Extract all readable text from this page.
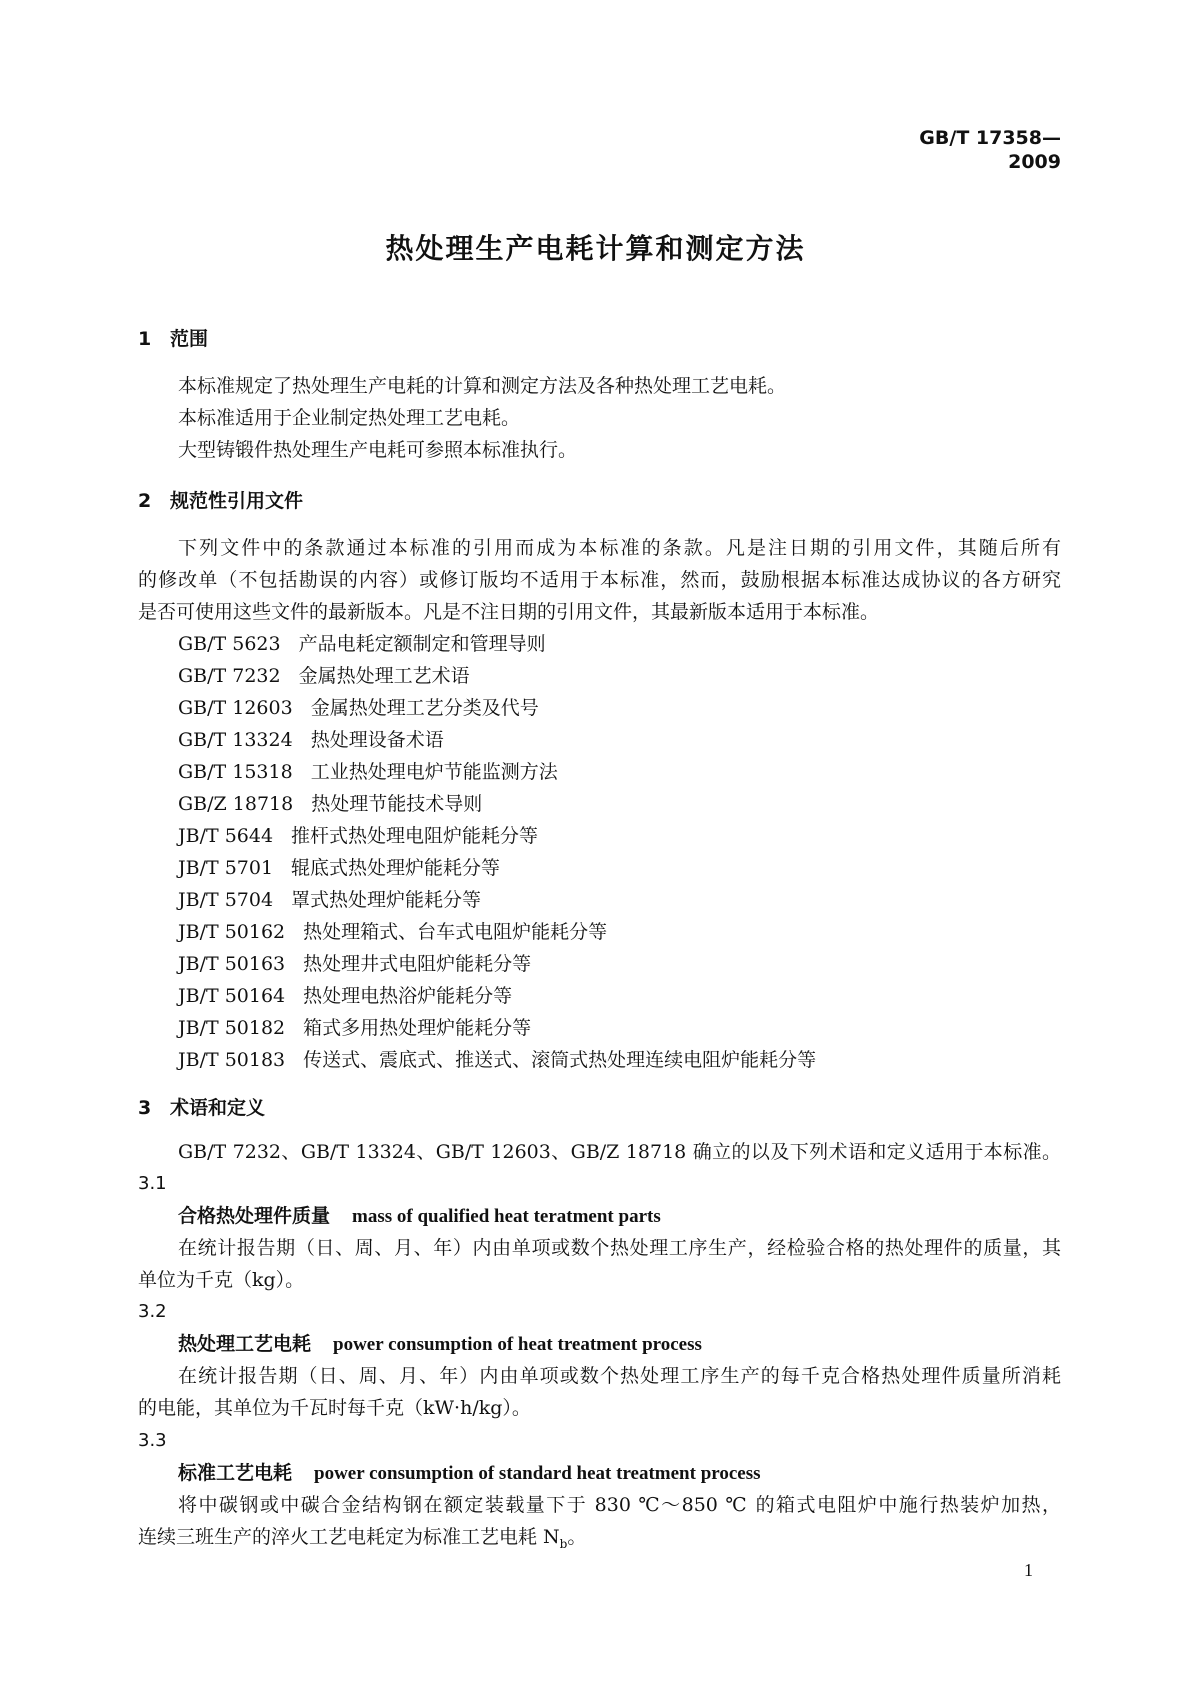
GB/T 17358—2009
热处理生产电耗计算和测定方法
1 范围
本标准规定了热处理生产电耗的计算和测定方法及各种热处理工艺电耗。
本标准适用于企业制定热处理工艺电耗。
大型铸锻件热处理生产电耗可参照本标准执行。
2 规范性引用文件
下列文件中的条款通过本标准的引用而成为本标准的条款。凡是注日期的引用文件，其随后所有
的修改单（不包括勘误的内容）或修订版均不适用于本标准，然而，鼓励根据本标准达成协议的各方研究
是否可使用这些文件的最新版本。凡是不注日期的引用文件，其最新版本适用于本标准。
GB/T 5623 产品电耗定额制定和管理导则
GB/T 7232 金属热处理工艺术语
GB/T 12603 金属热处理工艺分类及代号
GB/T 13324 热处理设备术语
GB/T 15318 工业热处理电炉节能监测方法
GB/Z 18718 热处理节能技术导则
JB/T 5644 推杆式热处理电阻炉能耗分等
JB/T 5701 辊底式热处理炉能耗分等
JB/T 5704 罩式热处理炉能耗分等
JB/T 50162 热处理箱式、台车式电阻炉能耗分等
JB/T 50163 热处理井式电阻炉能耗分等
JB/T 50164 热处理电热浴炉能耗分等
JB/T 50182 箱式多用热处理炉能耗分等
JB/T 50183 传送式、震底式、推送式、滚筒式热处理连续电阻炉能耗分等
3 术语和定义
GB/T 7232、GB/T 13324、GB/T 12603、GB/Z 18718 确立的以及下列术语和定义适用于本标准。
3.1
合格热处理件质量 mass of qualified heat teratment parts
在统计报告期（日、周、月、年）内由单项或数个热处理工序生产，经检验合格的热处理件的质量，其
单位为千克（kg）。
3.2
热处理工艺电耗 power consumption of heat treatment process
在统计报告期（日、周、月、年）内由单项或数个热处理工序生产的每千克合格热处理件质量所消耗
的电能，其单位为千瓦时每千克（kW·h/kg）。
3.3
标准工艺电耗 power consumption of standard heat treatment process
将中碳钢或中碳合金结构钢在额定装载量下于 830 ℃～850 ℃ 的箱式电阻炉中施行热装炉加热，
连续三班生产的淬火工艺电耗定为标准工艺电耗 $N_b$。
1
